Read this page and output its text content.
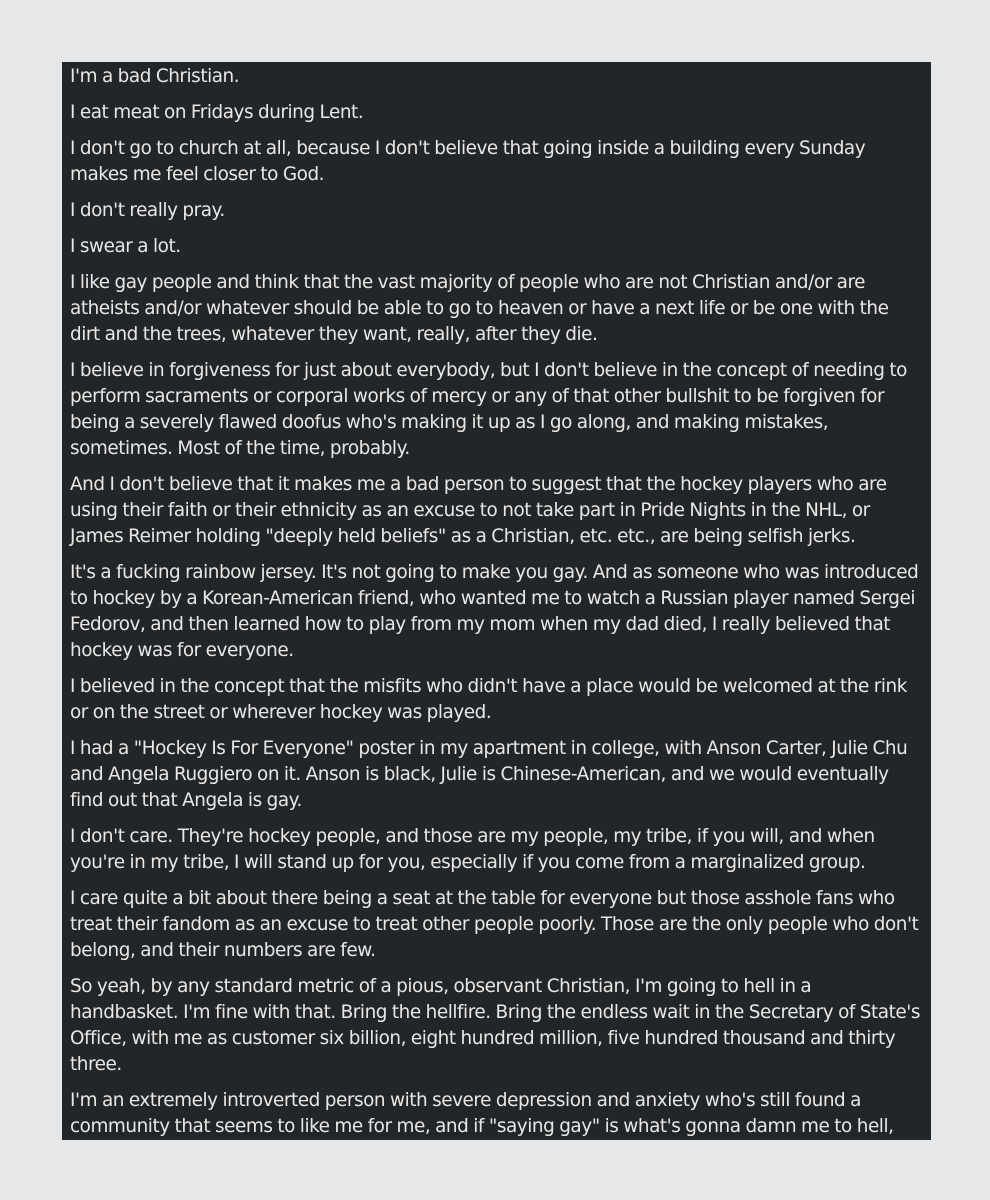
I'm a bad Christian.

I eat meat on Fridays during Lent.

I don't go to church at all, because I don't believe that going inside a building every Sunday makes me feel closer to God.

I don't really pray.

I swear a lot.

I like gay people and think that the vast majority of people who are not Christian and/or are atheists and/or whatever should be able to go to heaven or have a next life or be one with the dirt and the trees, whatever they want, really, after they die.

I believe in forgiveness for just about everybody, but I don't believe in the concept of needing to perform sacraments or corporal works of mercy or any of that other bullshit to be forgiven for being a severely flawed doofus who's making it up as I go along, and making mistakes, sometimes. Most of the time, probably.

And I don't believe that it makes me a bad person to suggest that the hockey players who are using their faith or their ethnicity as an excuse to not take part in Pride Nights in the NHL, or James Reimer holding "deeply held beliefs" as a Christian, etc. etc., are being selfish jerks.

It's a fucking rainbow jersey. It's not going to make you gay. And as someone who was introduced to hockey by a Korean-American friend, who wanted me to watch a Russian player named Sergei Fedorov, and then learned how to play from my mom when my dad died, I really believed that hockey was for everyone.

I believed in the concept that the misfits who didn't have a place would be welcomed at the rink or on the street or wherever hockey was played.

I had a "Hockey Is For Everyone" poster in my apartment in college, with Anson Carter, Julie Chu and Angela Ruggiero on it. Anson is black, Julie is Chinese-American, and we would eventually find out that Angela is gay.

I don't care. They're hockey people, and those are my people, my tribe, if you will, and when you're in my tribe, I will stand up for you, especially if you come from a marginalized group.

I care quite a bit about there being a seat at the table for everyone but those asshole fans who treat their fandom as an excuse to treat other people poorly. Those are the only people who don't belong, and their numbers are few.

So yeah, by any standard metric of a pious, observant Christian, I'm going to hell in a handbasket. I'm fine with that. Bring the hellfire. Bring the endless wait in the Secretary of State's Office, with me as customer six billion, eight hundred million, five hundred thousand and thirty three.

I'm an extremely introverted person with severe depression and anxiety who's still found a community that seems to like me for me, and if "saying gay" is what's gonna damn me to hell, bring it on.
